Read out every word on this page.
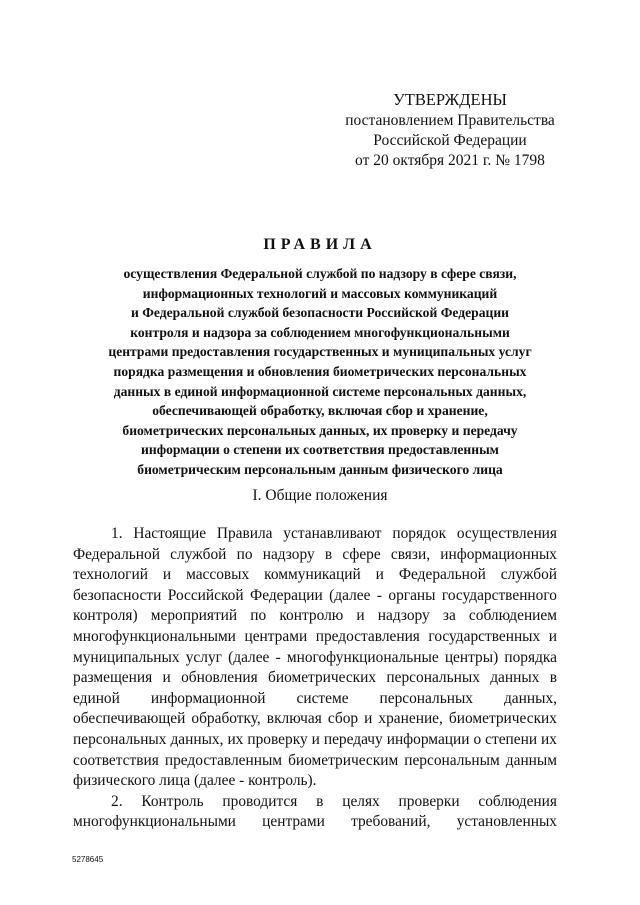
УТВЕРЖДЕНЫ
постановлением Правительства
Российской Федерации
от 20 октября 2021 г. № 1798
ПРАВИЛА
осуществления Федеральной службой по надзору в сфере связи,
информационных технологий и массовых коммуникаций
и Федеральной службой безопасности Российской Федерации
контроля и надзора за соблюдением многофункциональными
центрами предоставления государственных и муниципальных услуг
порядка размещения и обновления биометрических персональных
данных в единой информационной системе персональных данных,
обеспечивающей обработку, включая сбор и хранение,
биометрических персональных данных, их проверку и передачу
информации о степени их соответствия предоставленным
биометрическим персональным данным физического лица
I. Общие положения

1. Настоящие Правила устанавливают порядок осуществления Федеральной службой по надзору в сфере связи, информационных технологий и массовых коммуникаций и Федеральной службой безопасности Российской Федерации (далее - органы государственного контроля) мероприятий по контролю и надзору за соблюдением многофункциональными центрами предоставления государственных и муниципальных услуг (далее - многофункциональные центры) порядка размещения и обновления биометрических персональных данных в единой информационной системе персональных данных, обеспечивающей обработку, включая сбор и хранение, биометрических персональных данных, их проверку и передачу информации о степени их соответствия предоставленным биометрическим персональным данным физического лица (далее - контроль).

2. Контроль проводится в целях проверки соблюдения многофункциональными центрами требований, установленных

5278645
